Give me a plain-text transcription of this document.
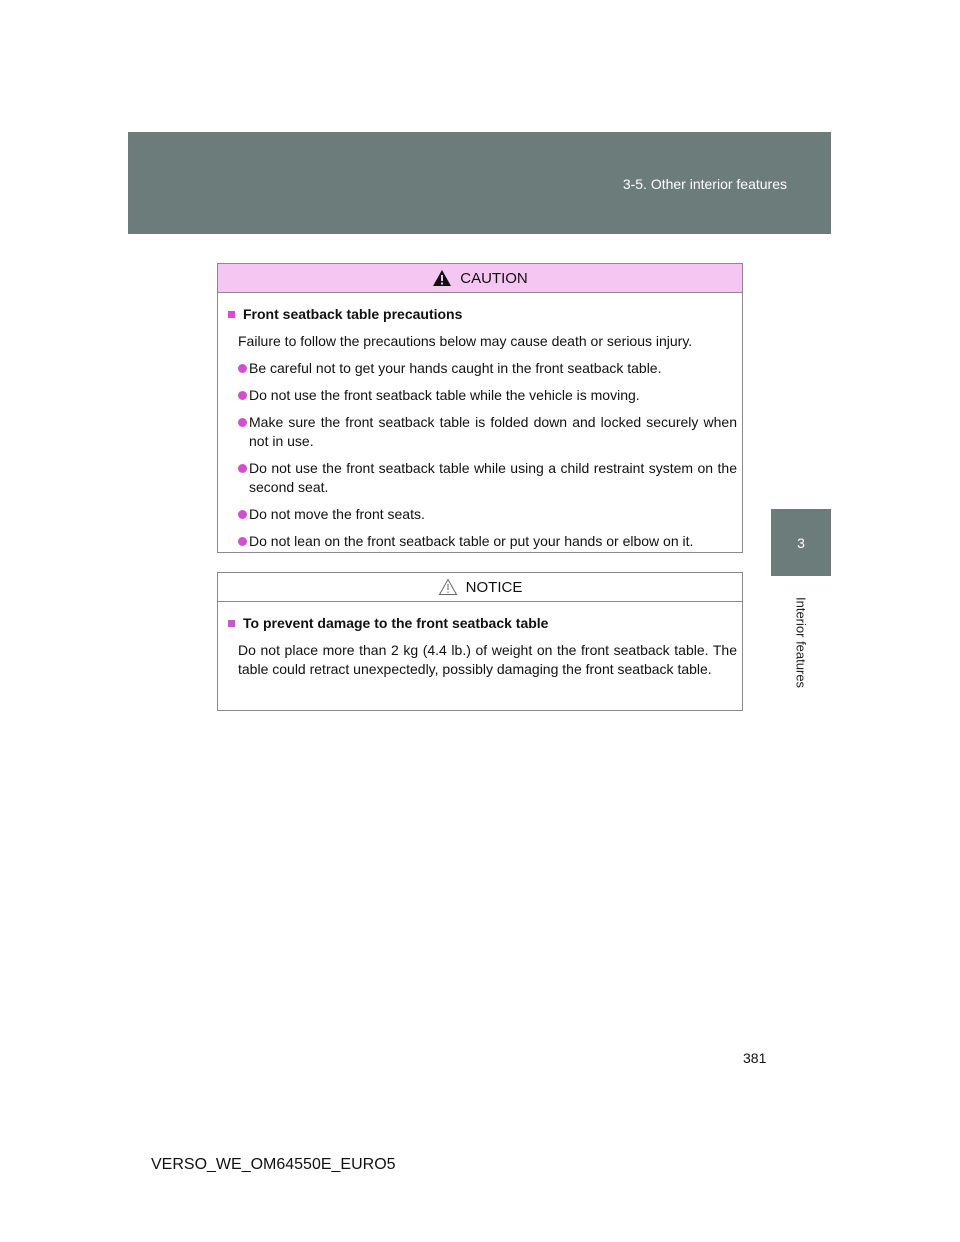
3-5. Other interior features
3
Interior features
CAUTION
Front seatback table precautions
Failure to follow the precautions below may cause death or serious injury.
Be careful not to get your hands caught in the front seatback table.
Do not use the front seatback table while the vehicle is moving.
Make sure the front seatback table is folded down and locked securely when not in use.
Do not use the front seatback table while using a child restraint system on the second seat.
Do not move the front seats.
Do not lean on the front seatback table or put your hands or elbow on it.
NOTICE
To prevent damage to the front seatback table
Do not place more than 2 kg (4.4 lb.) of weight on the front seatback table. The table could retract unexpectedly, possibly damaging the front seatback table.
381
VERSO_WE_OM64550E_EURO5
